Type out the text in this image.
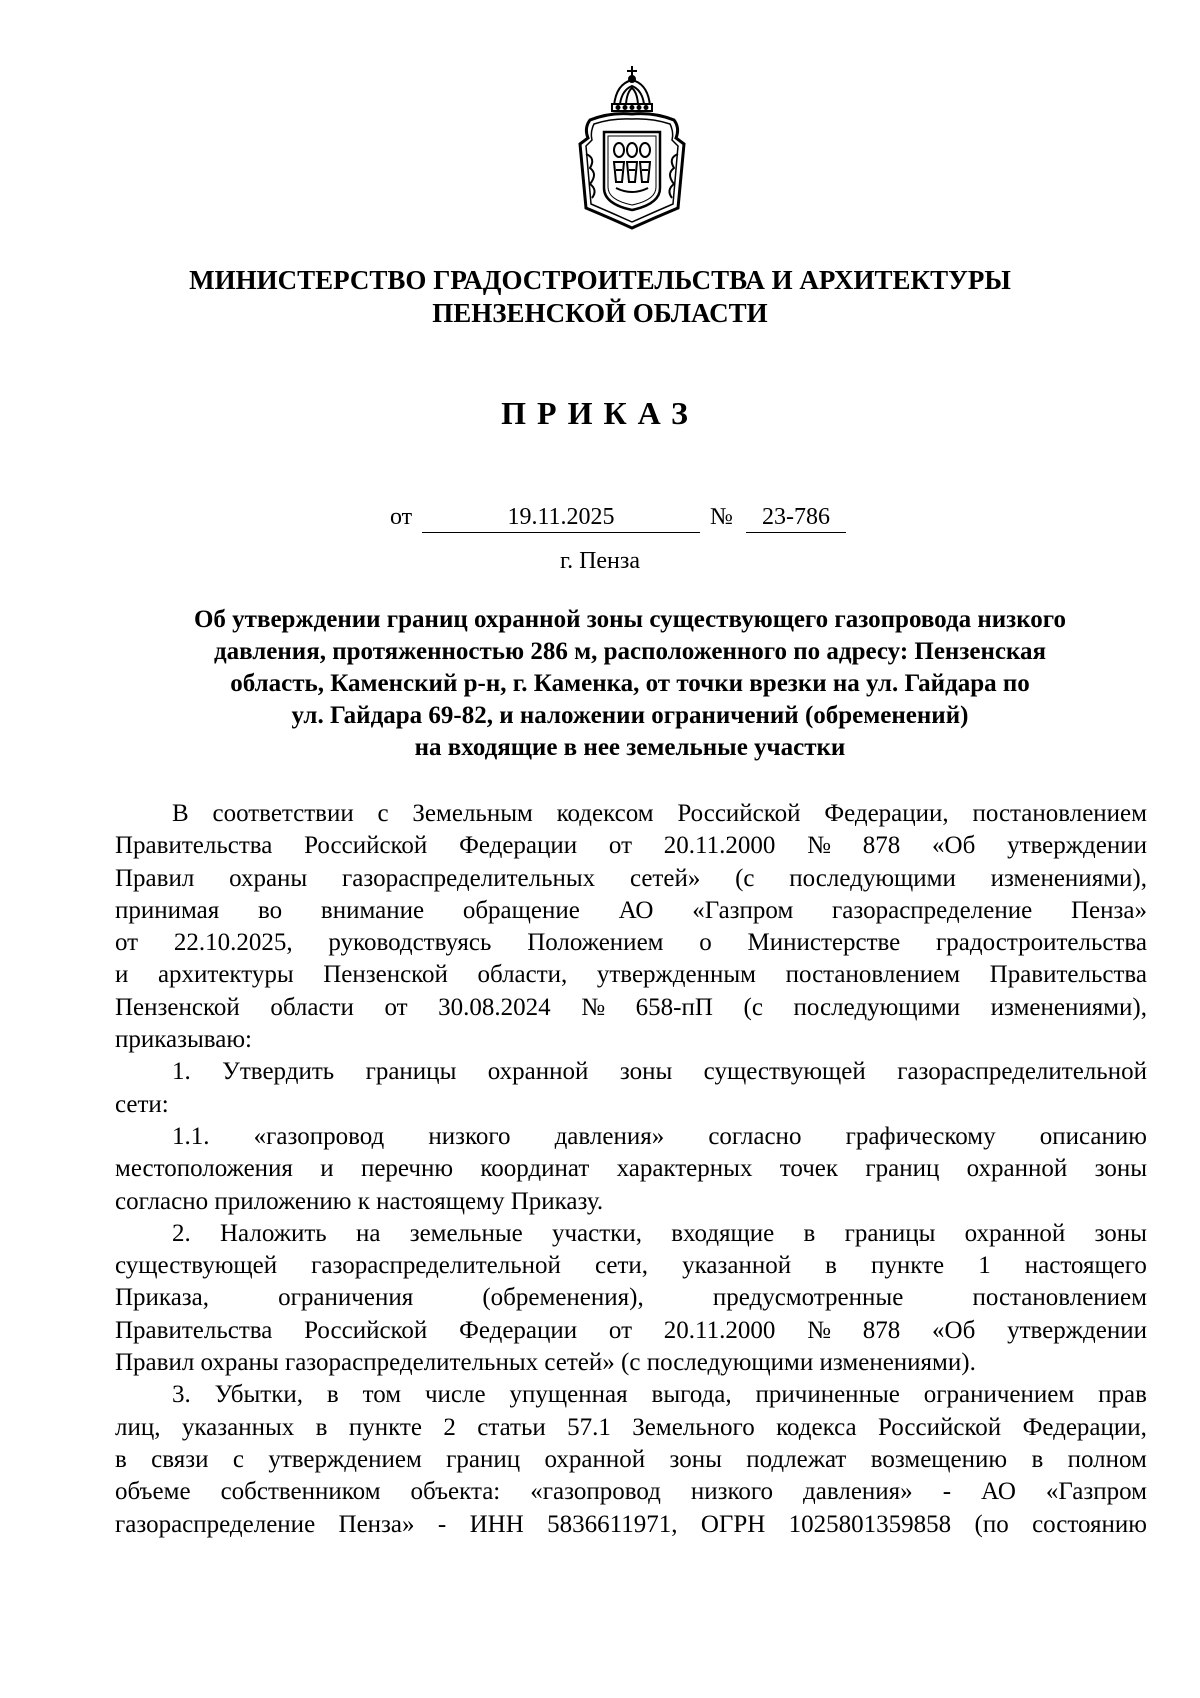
МИНИСТЕРСТВО ГРАДОСТРОИТЕЛЬСТВА И АРХИТЕКТУРЫ
ПЕНЗЕНСКОЙ ОБЛАСТИ
ПРИКАЗ
от	19.11.2025	№	23-786
г. Пенза
Об утверждении границ охранной зоны существующего газопровода низкого
давления, протяженностью 286 м, расположенного по адресу: Пензенская
область, Каменский р-н, г. Каменка, от точки врезки на ул. Гайдара по
ул. Гайдара 69-82, и наложении ограничений (обременений)
на входящие в нее земельные участки
В соответствии с Земельным кодексом Российской Федерации, постановлением
Правительства Российской Федерации от 20.11.2000 № 878 «Об утверждении
Правил охраны газораспределительных сетей» (с последующими изменениями),
принимая во внимание обращение АО «Газпром газораспределение Пенза»
от 22.10.2025, руководствуясь Положением о Министерстве градостроительства
и архитектуры Пензенской области, утвержденным постановлением Правительства
Пензенской области от 30.08.2024 № 658-пП (с последующими изменениями),
приказываю:
1. Утвердить границы охранной зоны существующей газораспределительной
сети:
1.1. «газопровод низкого давления» согласно графическому описанию
местоположения и перечню координат характерных точек границ охранной зоны
согласно приложению к настоящему Приказу.
2. Наложить на земельные участки, входящие в границы охранной зоны
существующей газораспределительной сети, указанной в пункте 1 настоящего
Приказа,	ограничения	(обременения),	предусмотренные	постановлением
Правительства Российской Федерации от 20.11.2000 № 878 «Об утверждении
Правил охраны газораспределительных сетей» (с последующими изменениями).
3. Убытки, в том числе упущенная выгода, причиненные ограничением прав
лиц, указанных в пункте 2 статьи 57.1 Земельного кодекса Российской Федерации,
в связи с утверждением границ охранной зоны подлежат возмещению в полном
объеме собственником объекта: «газопровод низкого давления» - АО «Газпром
газораспределение Пенза» - ИНН 5836611971, ОГРН 1025801359858 (по состоянию
